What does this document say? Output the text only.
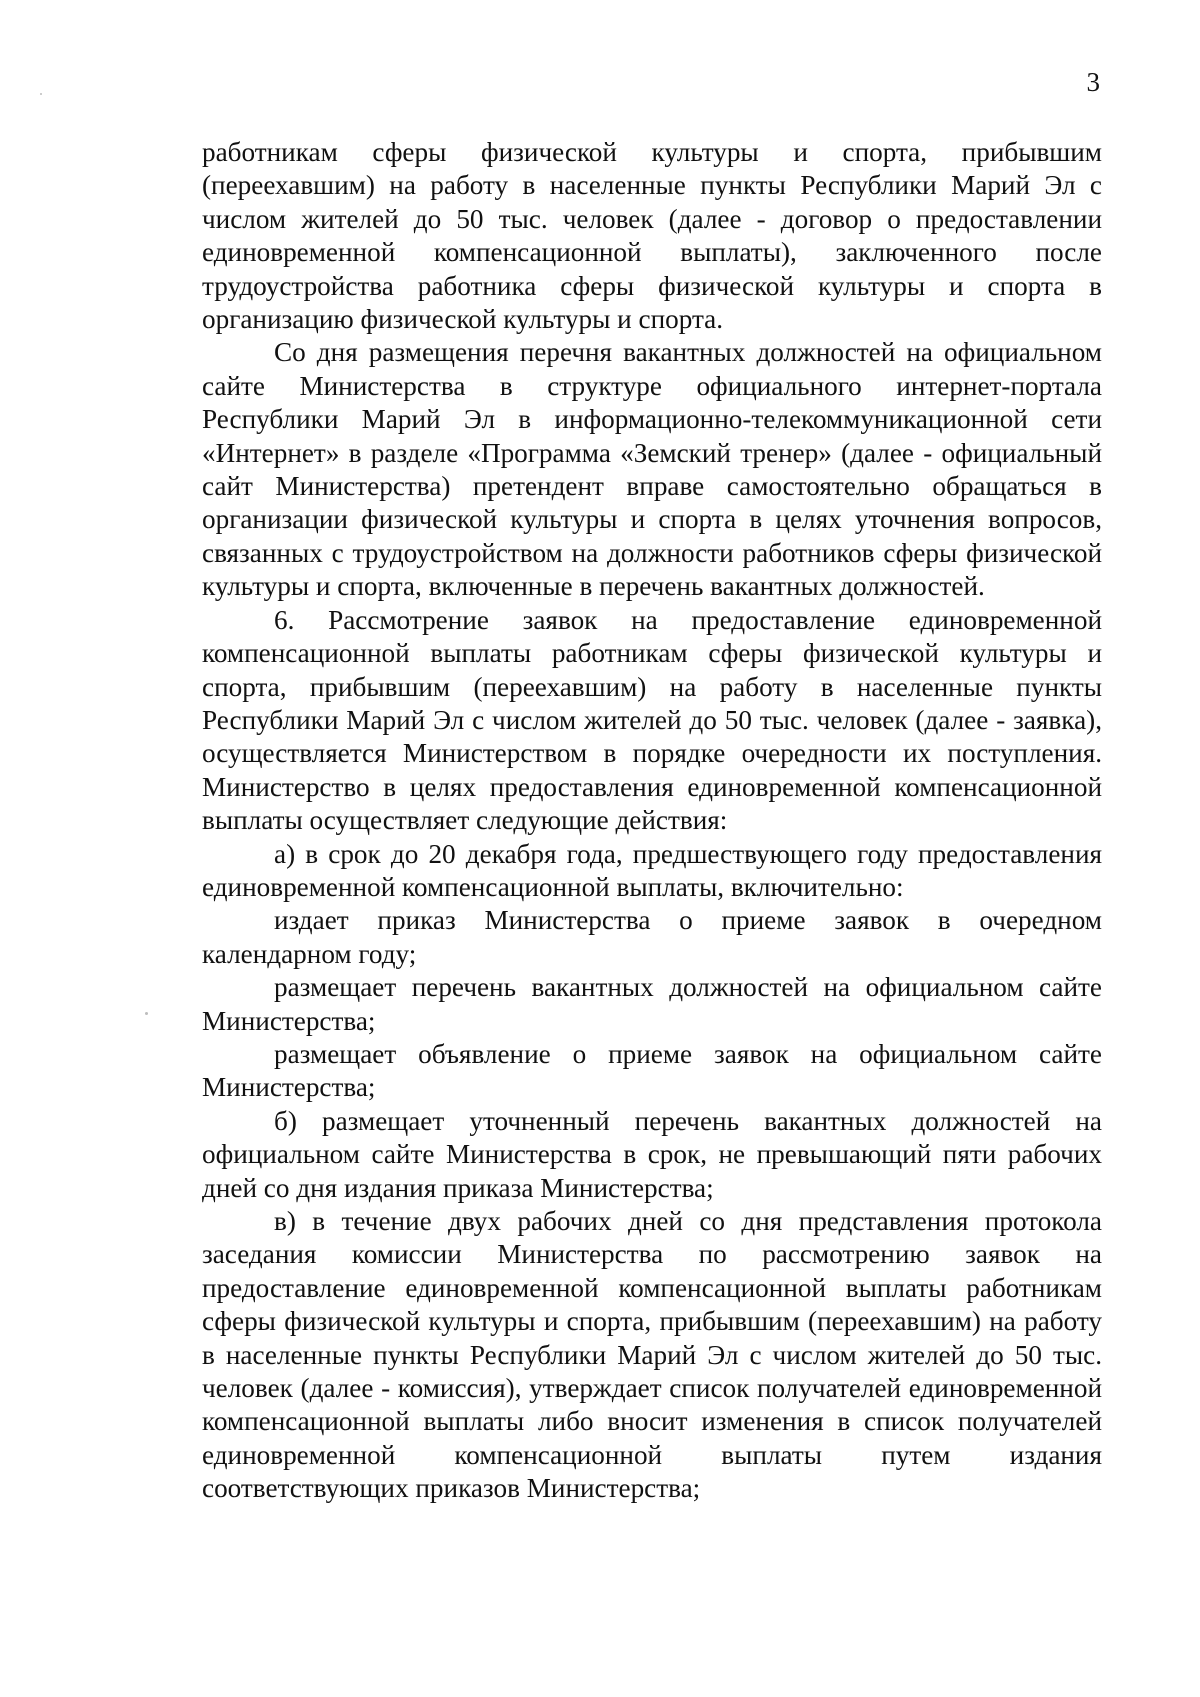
3

работникам сферы физической культуры и спорта, прибывшим (переехавшим) на работу в населенные пункты Республики Марий Эл с числом жителей до 50 тыс. человек (далее - договор о предоставлении единовременной компенсационной выплаты), заключенного после трудоустройства работника сферы физической культуры и спорта в организацию физической культуры и спорта.

Со дня размещения перечня вакантных должностей на официальном сайте Министерства в структуре официального интернет-портала Республики Марий Эл в информационно-телекоммуникационной сети «Интернет» в разделе «Программа «Земский тренер» (далее - официальный сайт Министерства) претендент вправе самостоятельно обращаться в организации физической культуры и спорта в целях уточнения вопросов, связанных с трудоустройством на должности работников сферы физической культуры и спорта, включенные в перечень вакантных должностей.

6. Рассмотрение заявок на предоставление единовременной компенсационной выплаты работникам сферы физической культуры и спорта, прибывшим (переехавшим) на работу в населенные пункты Республики Марий Эл с числом жителей до 50 тыс. человек (далее - заявка), осуществляется Министерством в порядке очередности их поступления. Министерство в целях предоставления единовременной компенсационной выплаты осуществляет следующие действия:

а) в срок до 20 декабря года, предшествующего году предоставления единовременной компенсационной выплаты, включительно:

издает приказ Министерства о приеме заявок в очередном календарном году;

размещает перечень вакантных должностей на официальном сайте Министерства;

размещает объявление о приеме заявок на официальном сайте Министерства;

б) размещает уточненный перечень вакантных должностей на официальном сайте Министерства в срок, не превышающий пяти рабочих дней со дня издания приказа Министерства;

в) в течение двух рабочих дней со дня представления протокола заседания комиссии Министерства по рассмотрению заявок на предоставление единовременной компенсационной выплаты работникам сферы физической культуры и спорта, прибывшим (переехавшим) на работу в населенные пункты Республики Марий Эл с числом жителей до 50 тыс. человек (далее - комиссия), утверждает список получателей единовременной компенсационной выплаты либо вносит изменения в список получателей единовременной компенсационной выплаты путем издания соответствующих приказов Министерства;
